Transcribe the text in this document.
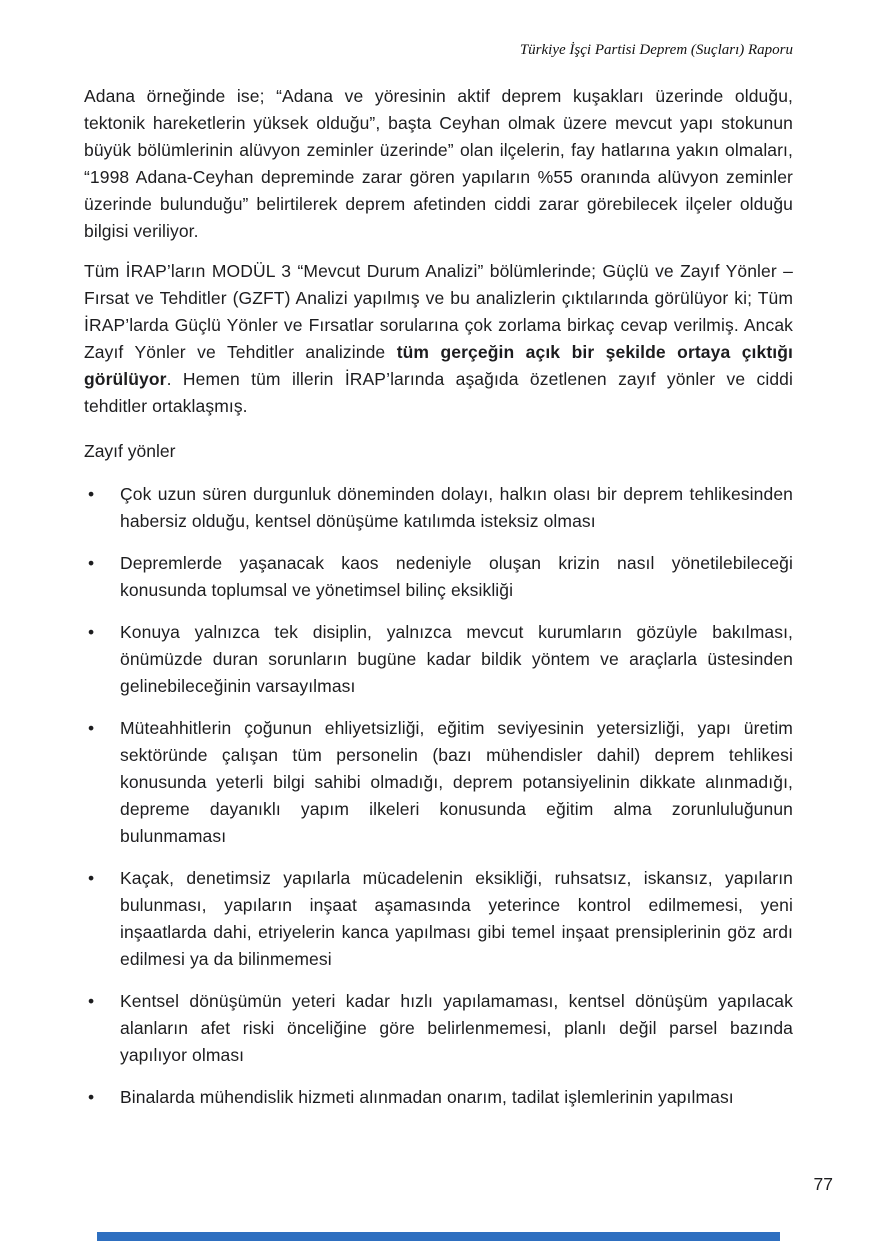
Türkiye İşçi Partisi Deprem (Suçları) Raporu

Adana örneğinde ise; “Adana ve yöresinin aktif deprem kuşakları üzerinde olduğu, tektonik hareketlerin yüksek olduğu”, başta Ceyhan olmak üzere mevcut yapı stokunun büyük bölümlerinin alüvyon zeminler üzerinde” olan ilçelerin, fay hatlarına yakın olmaları, “1998 Adana-Ceyhan depreminde zarar gören yapıların %55 oranında alüvyon zeminler üzerinde bulunduğu” belirtilerek deprem afetinden ciddi zarar görebilecek ilçeler olduğu bilgisi veriliyor.

Tüm İRAP’ların MODÜL 3 “Mevcut Durum Analizi” bölümlerinde; Güçlü ve Zayıf Yönler – Fırsat ve Tehditler (GZFT) Analizi yapılmış ve bu analizlerin çıktılarında görülüyor ki; Tüm İRAP’larda Güçlü Yönler ve Fırsatlar sorularına çok zorlama birkaç cevap verilmiş. Ancak Zayıf Yönler ve Tehditler analizinde tüm gerçeğin açık bir şekilde ortaya çıktığı görülüyor. Hemen tüm illerin İRAP’larında aşağıda özetlenen zayıf yönler ve ciddi tehditler ortaklaşmış.

Zayıf yönler

•	Çok uzun süren durgunluk döneminden dolayı, halkın olası bir deprem tehlikesinden habersiz olduğu, kentsel dönüşüme katılımda isteksiz olması
•	Depremlerde yaşanacak kaos nedeniyle oluşan krizin nasıl yönetilebileceği konusunda toplumsal ve yönetimsel bilinç eksikliği
•	Konuya yalnızca tek disiplin, yalnızca mevcut kurumların gözüyle bakılması, önümüzde duran sorunların bugüne kadar bildik yöntem ve araçlarla üstesinden gelinebileceğinin varsayılması
•	Müteahhitlerin çoğunun ehliyetsizliği, eğitim seviyesinin yetersizliği, yapı üretim sektöründe çalışan tüm personelin (bazı mühendisler dahil) deprem tehlikesi konusunda yeterli bilgi sahibi olmadığı, deprem potansiyelinin dikkate alınmadığı, depreme dayanıklı yapım ilkeleri konusunda eğitim alma zorunluluğunun bulunmaması
•	Kaçak, denetimsiz yapılarla mücadelenin eksikliği, ruhsatsız, iskansız, yapıların bulunması, yapıların inşaat aşamasında yeterince kontrol edilmemesi, yeni inşaatlarda dahi, etriyelerin kanca yapılması gibi temel inşaat prensiplerinin göz ardı edilmesi ya da bilinmemesi
•	Kentsel dönüşümün yeteri kadar hızlı yapılamaması, kentsel dönüşüm yapılacak alanların afet riski önceliğine göre belirlenmemesi, planlı değil parsel bazında yapılıyor olması
•	Binalarda mühendislik hizmeti alınmadan onarım, tadilat işlemlerinin yapılması
77
